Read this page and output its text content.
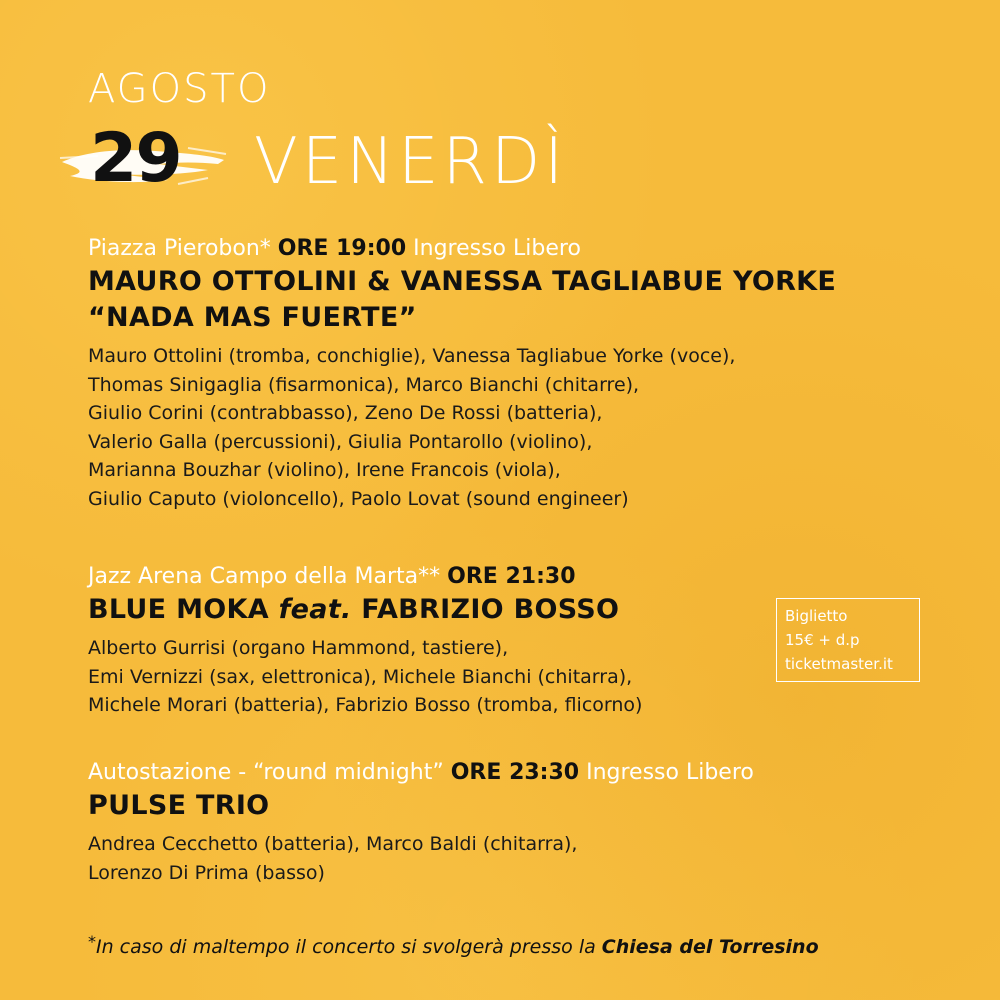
AGOSTO
29 VENERDÌ

Piazza Pierobon* ORE 19:00 Ingresso Libero

MAURO OTTOLINI & VANESSA TAGLIABUE YORKE
“NADA MAS FUERTE”
Mauro Ottolini (tromba, conchiglie), Vanessa Tagliabue Yorke (voce),
Thomas Sinigaglia (fisarmonica), Marco Bianchi (chitarre),
Giulio Corini (contrabbasso), Zeno De Rossi (batteria),
Valerio Galla (percussioni), Giulia Pontarollo (violino),
Marianna Bouzhar (violino), Irene Francois (viola),
Giulio Caputo (violoncello), Paolo Lovat (sound engineer)

Jazz Arena Campo della Marta** ORE 21:30

BLUE MOKA feat. FABRIZIO BOSSO
Alberto Gurrisi (organo Hammond, tastiere),
Emi Vernizzi (sax, elettronica), Michele Bianchi (chitarra),
Michele Morari (batteria), Fabrizio Bosso (tromba, flicorno)
Biglietto
15€ + d.p
ticketmaster.it

Autostazione - “round midnight” ORE 23:30 Ingresso Libero

PULSE TRIO
Andrea Cecchetto (batteria), Marco Baldi (chitarra),
Lorenzo Di Prima (basso)

*In caso di maltempo il concerto si svolgerà presso la Chiesa del Torresino
